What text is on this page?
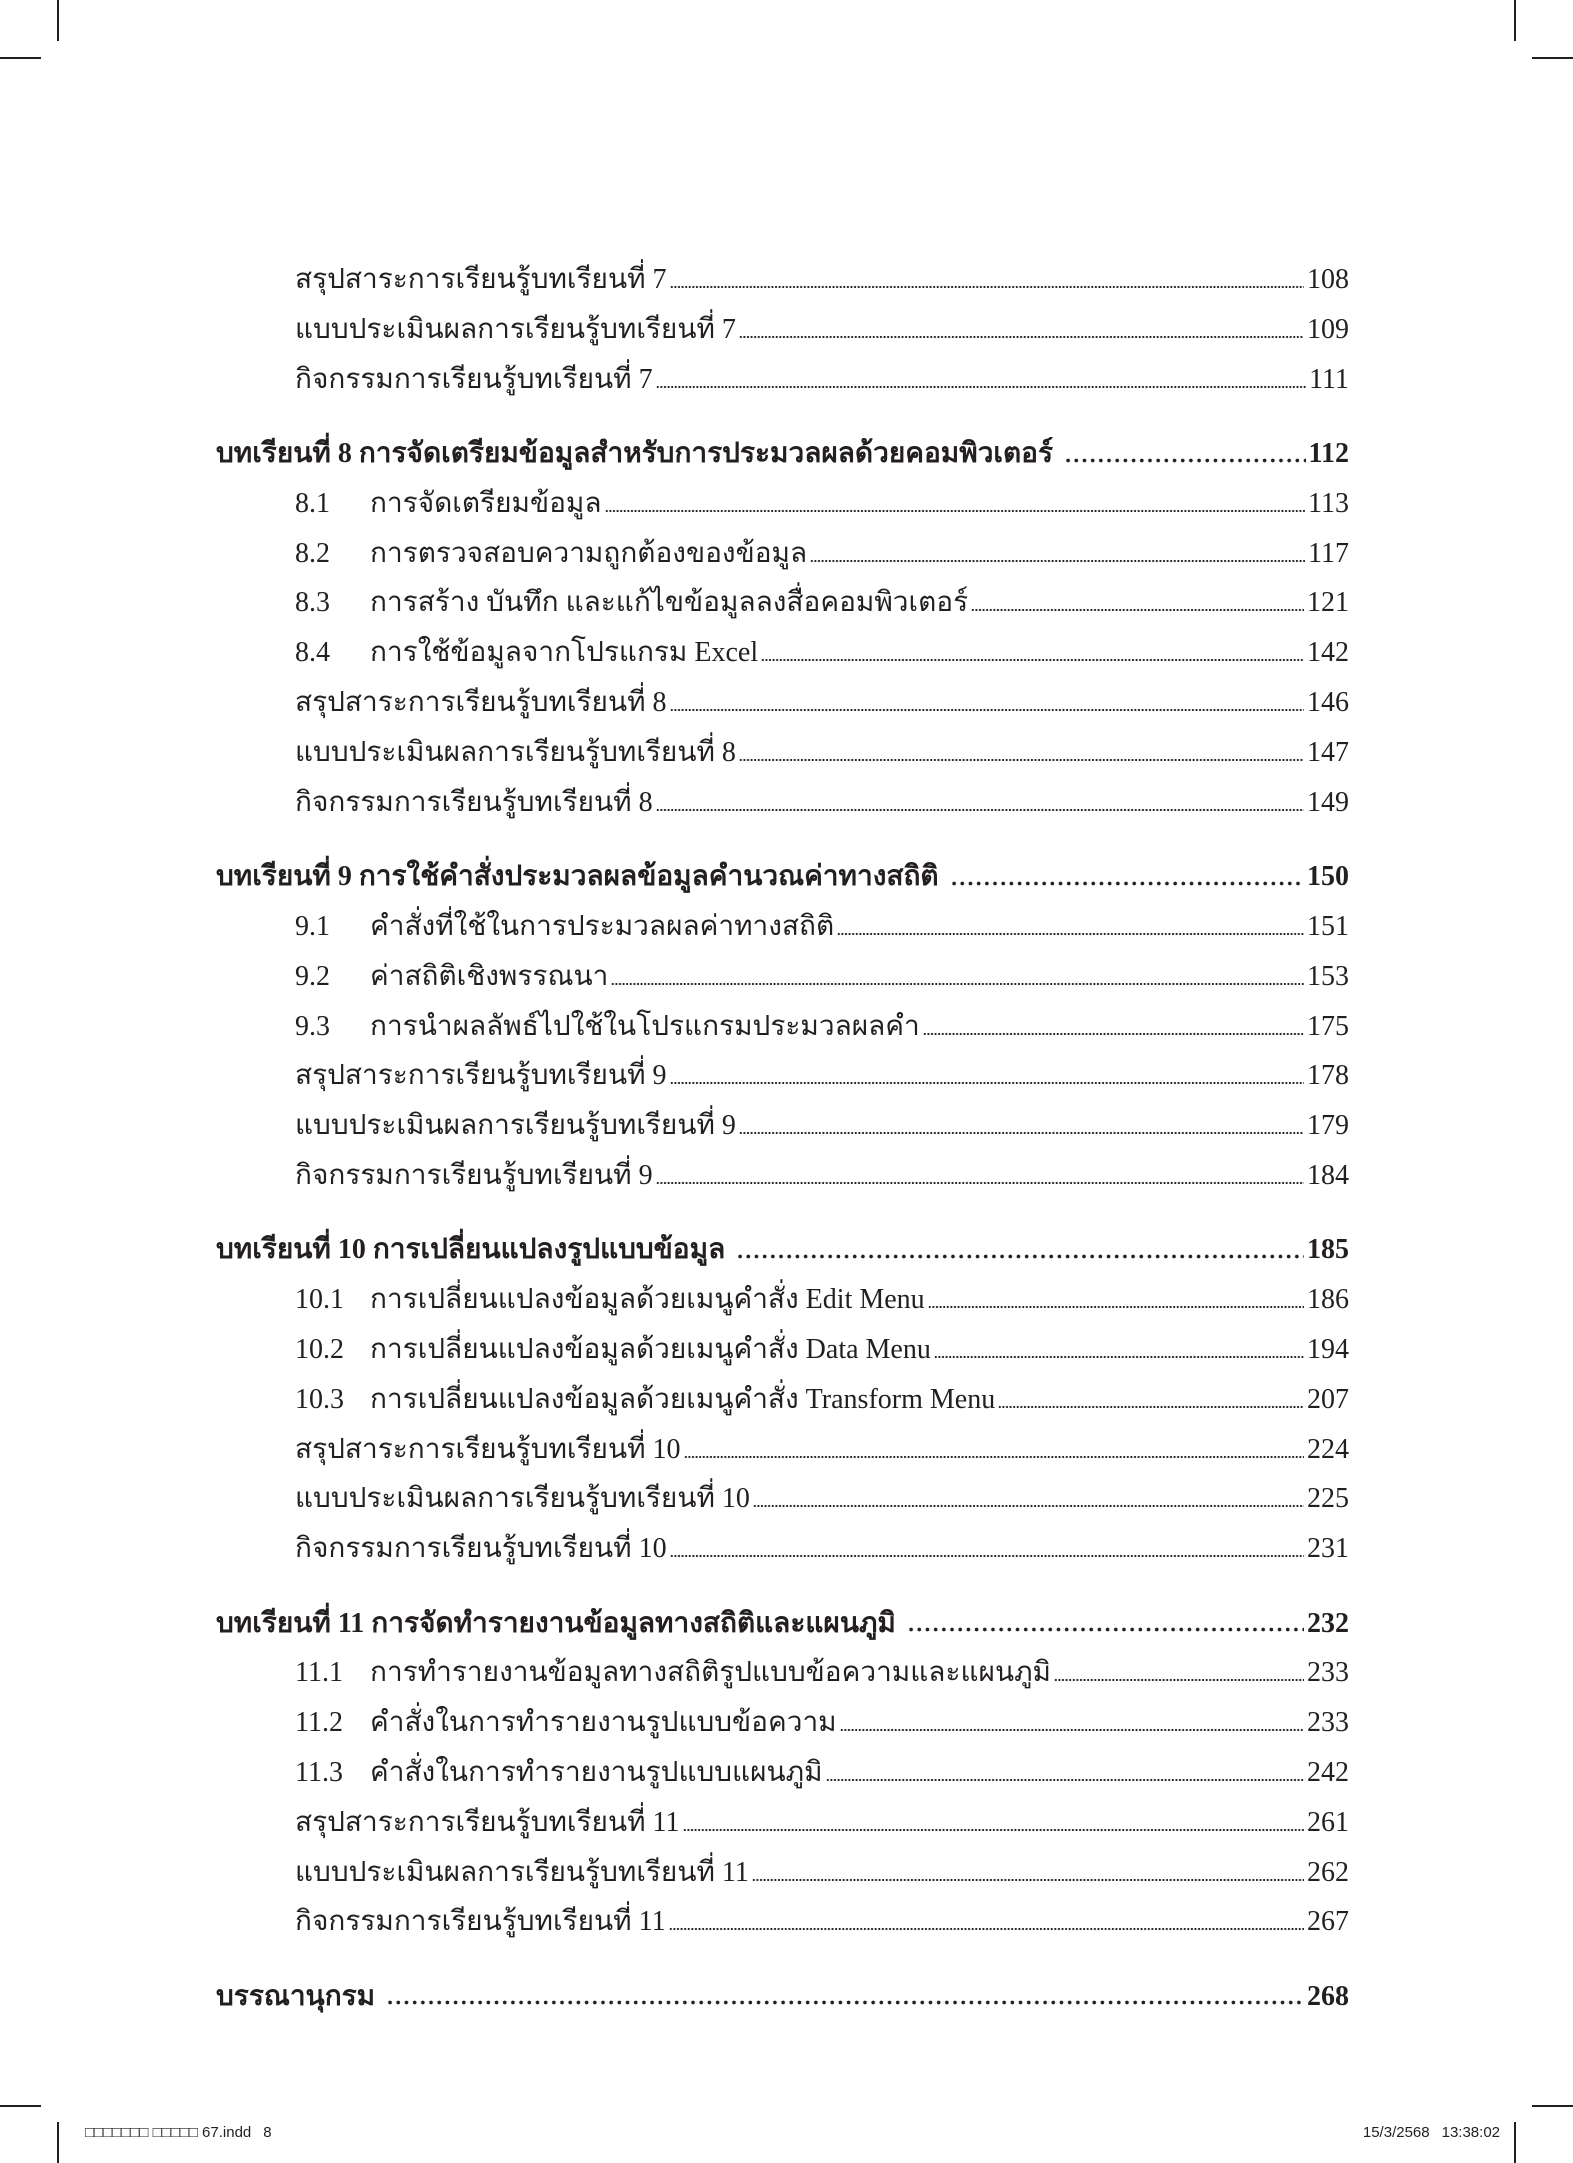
สรุปสาระการเรียนรู้บทเรียนที่ 7	108
แบบประเมินผลการเรียนรู้บทเรียนที่ 7	109
กิจกรรมการเรียนรู้บทเรียนที่ 7	111
บทเรียนที่ 8 การจัดเตรียมข้อมูลสำหรับการประมวลผลด้วยคอมพิวเตอร์	112
8.1	การจัดเตรียมข้อมูล	113
8.2	การตรวจสอบความถูกต้องของข้อมูล	117
8.3	การสร้าง บันทึก และแก้ไขข้อมูลลงสื่อคอมพิวเตอร์	121
8.4	การใช้ข้อมูลจากโปรแกรม Excel	142
สรุปสาระการเรียนรู้บทเรียนที่ 8	146
แบบประเมินผลการเรียนรู้บทเรียนที่ 8	147
กิจกรรมการเรียนรู้บทเรียนที่ 8	149
บทเรียนที่ 9 การใช้คำสั่งประมวลผลข้อมูลคำนวณค่าทางสถิติ	150
9.1	คำสั่งที่ใช้ในการประมวลผลค่าทางสถิติ	151
9.2	ค่าสถิติเชิงพรรณนา	153
9.3	การนำผลลัพธ์ไปใช้ในโปรแกรมประมวลผลคำ	175
สรุปสาระการเรียนรู้บทเรียนที่ 9	178
แบบประเมินผลการเรียนรู้บทเรียนที่ 9	179
กิจกรรมการเรียนรู้บทเรียนที่ 9	184
บทเรียนที่ 10 การเปลี่ยนแปลงรูปแบบข้อมูล	185
10.1 การเปลี่ยนแปลงข้อมูลด้วยเมนูคำสั่ง Edit Menu	186
10.2 การเปลี่ยนแปลงข้อมูลด้วยเมนูคำสั่ง Data Menu	194
10.3 การเปลี่ยนแปลงข้อมูลด้วยเมนูคำสั่ง Transform Menu	207
สรุปสาระการเรียนรู้บทเรียนที่ 10	224
แบบประเมินผลการเรียนรู้บทเรียนที่ 10	225
กิจกรรมการเรียนรู้บทเรียนที่ 10	231
บทเรียนที่ 11 การจัดทำรายงานข้อมูลทางสถิติและแผนภูมิ	232
11.1 การทำรายงานข้อมูลทางสถิติรูปแบบข้อความและแผนภูมิ	233
11.2 คำสั่งในการทำรายงานรูปแบบข้อความ	233
11.3 คำสั่งในการทำรายงานรูปแบบแผนภูมิ	242
สรุปสาระการเรียนรู้บทเรียนที่ 11	261
แบบประเมินผลการเรียนรู้บทเรียนที่ 11	262
กิจกรรมการเรียนรู้บทเรียนที่ 11	267
บรรณานุกรม	268
□□□□□□□ □□□□□ 67.indd 8	15/3/2568 13:38:02
